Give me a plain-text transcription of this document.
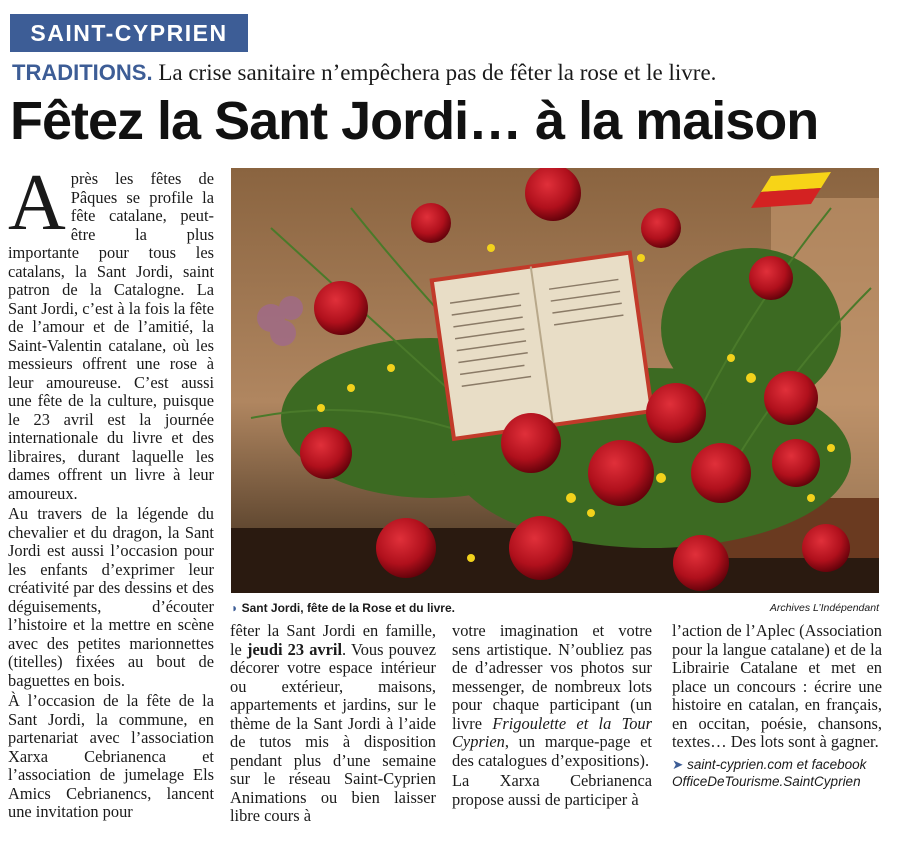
SAINT-CYPRIEN
TRADITIONS. La crise sanitaire n’empêchera pas de fêter la rose et le livre.
Fêtez la Sant Jordi… à la maison

Après les fêtes de Pâques se profile la fête catalane, peut-être la plus importante pour tous les catalans, la Sant Jordi, saint patron de la Catalogne. La Sant Jordi, c’est à la fois la fête de l’amour et de l’amitié, la Saint-Valentin catalane, où les messieurs offrent une rose à leur amoureuse. C’est aussi une fête de la culture, puisque le 23 avril est la journée internationale du livre et des libraires, durant laquelle les dames offrent un livre à leur amoureux.

Au travers de la légende du chevalier et du dragon, la Sant Jordi est aussi l’occasion pour les enfants d’exprimer leur créativité par des dessins et des déguisements, d’écouter l’histoire et la mettre en scène avec des petites marionnettes (titelles) fixées au bout de baguettes en bois.

À l’occasion de la fête de la Sant Jordi, la commune, en partenariat avec l’association Xarxa Cebrianenca et l’association de jumelage Els Amics Cebrianencs, lancent une invitation pour

◗ Sant Jordi, fête de la Rose et du livre.	Archives L’Indépendant

fêter la Sant Jordi en famille, le jeudi 23 avril. Vous pouvez décorer votre espace intérieur ou extérieur, maisons, appartements et jardins, sur le thème de la Sant Jordi à l’aide de tutos mis à disposition pendant plus d’une semaine sur le réseau Saint-Cyprien Animations ou bien laisser libre cours à

votre imagination et votre sens artistique. N’oubliez pas de d’adresser vos photos sur messenger, de nombreux lots pour chaque participant (un livre Frigoulette et la Tour Cyprien, un marque-page et des catalogues d’expositions).

La Xarxa Cebrianenca propose aussi de participer à

l’action de l’Aplec (Association pour la langue catalane) et de la Librairie Catalane et met en place un concours : écrire une histoire en catalan, en français, en occitan, poésie, chansons, textes… Des lots sont à gagner.

➤ saint-cyprien.com et facebook OfficeDeTourisme.SaintCyprien
